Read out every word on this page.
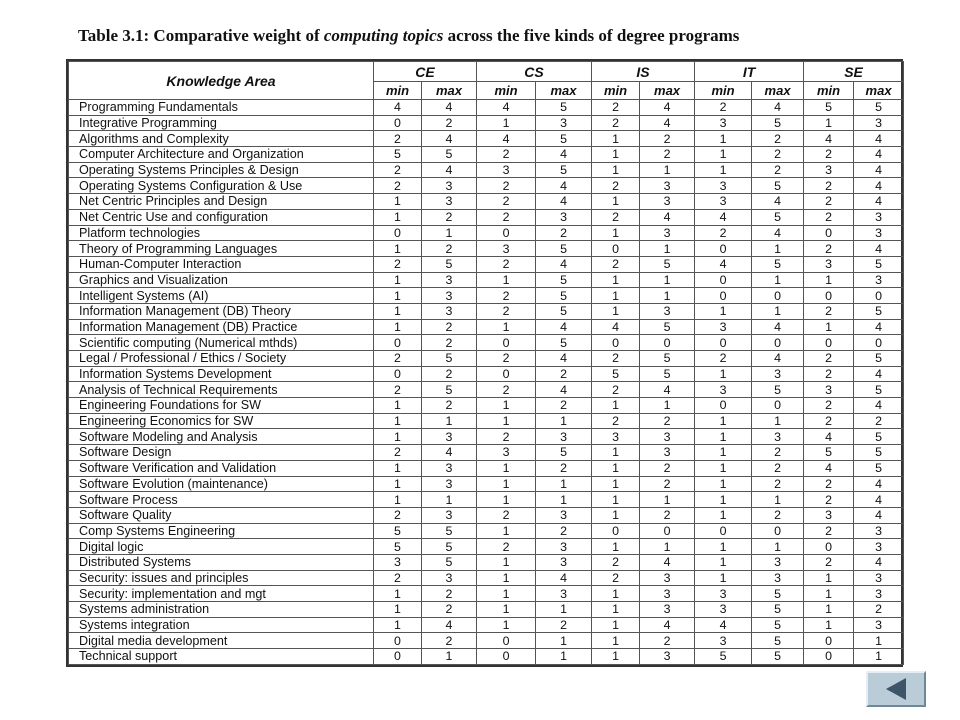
Table 3.1: Comparative weight of computing topics across the five kinds of degree programs
Knowledge Area	CE		CS		IS		IT		SE	
	min	max	min	max	min	max	min	max	min	max
Programming Fundamentals	4	4	4	5	2	4	2	4	5	5
Integrative Programming	0	2	1	3	2	4	3	5	1	3
Algorithms and Complexity	2	4	4	5	1	2	1	2	4	4
Computer Architecture and Organization	5	5	2	4	1	2	1	2	2	4
Operating Systems Principles & Design	2	4	3	5	1	1	1	2	3	4
Operating Systems Configuration & Use	2	3	2	4	2	3	3	5	2	4
Net Centric Principles and Design	1	3	2	4	1	3	3	4	2	4
Net Centric Use and configuration	1	2	2	3	2	4	4	5	2	3
Platform technologies	0	1	0	2	1	3	2	4	0	3
Theory of Programming Languages	1	2	3	5	0	1	0	1	2	4
Human-Computer Interaction	2	5	2	4	2	5	4	5	3	5
Graphics and Visualization	1	3	1	5	1	1	0	1	1	3
Intelligent Systems (AI)	1	3	2	5	1	1	0	0	0	0
Information Management (DB) Theory	1	3	2	5	1	3	1	1	2	5
Information Management (DB) Practice	1	2	1	4	4	5	3	4	1	4
Scientific computing (Numerical mthds)	0	2	0	5	0	0	0	0	0	0
Legal / Professional / Ethics / Society	2	5	2	4	2	5	2	4	2	5
Information Systems Development	0	2	0	2	5	5	1	3	2	4
Analysis of Technical Requirements	2	5	2	4	2	4	3	5	3	5
Engineering Foundations for SW	1	2	1	2	1	1	0	0	2	4
Engineering Economics for SW	1	1	1	1	2	2	1	1	2	2
Software Modeling and Analysis	1	3	2	3	3	3	1	3	4	5
Software Design	2	4	3	5	1	3	1	2	5	5
Software Verification and Validation	1	3	1	2	1	2	1	2	4	5
Software Evolution (maintenance)	1	3	1	1	1	2	1	2	2	4
Software Process	1	1	1	1	1	1	1	1	2	4
Software Quality	2	3	2	3	1	2	1	2	3	4
Comp Systems Engineering	5	5	1	2	0	0	0	0	2	3
Digital logic	5	5	2	3	1	1	1	1	0	3
Distributed Systems	3	5	1	3	2	4	1	3	2	4
Security: issues and principles	2	3	1	4	2	3	1	3	1	3
Security: implementation and mgt	1	2	1	3	1	3	3	5	1	3
Systems administration	1	2	1	1	1	3	3	5	1	2
Systems integration	1	4	1	2	1	4	4	5	1	3
Digital media development	0	2	0	1	1	2	3	5	0	1
Technical support	0	1	0	1	1	3	5	5	0	1
